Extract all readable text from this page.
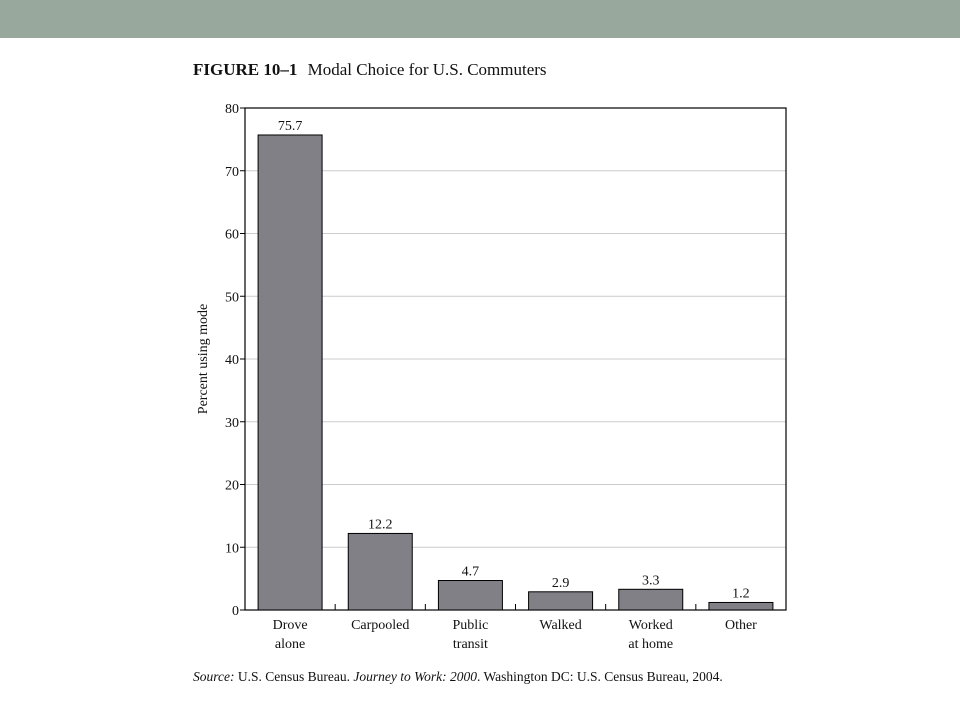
FIGURE 10–1 Modal Choice for U.S. Commuters
0
10
20
30
40
50
60
70
80
75.7
Drove alone
12.2
Carpooled
4.7
Public transit
2.9
Walked
3.3
Worked at home
1.2
Other
Percent using mode
Source: U.S. Census Bureau. Journey to Work: 2000. Washington DC: U.S. Census Bureau, 2004.
